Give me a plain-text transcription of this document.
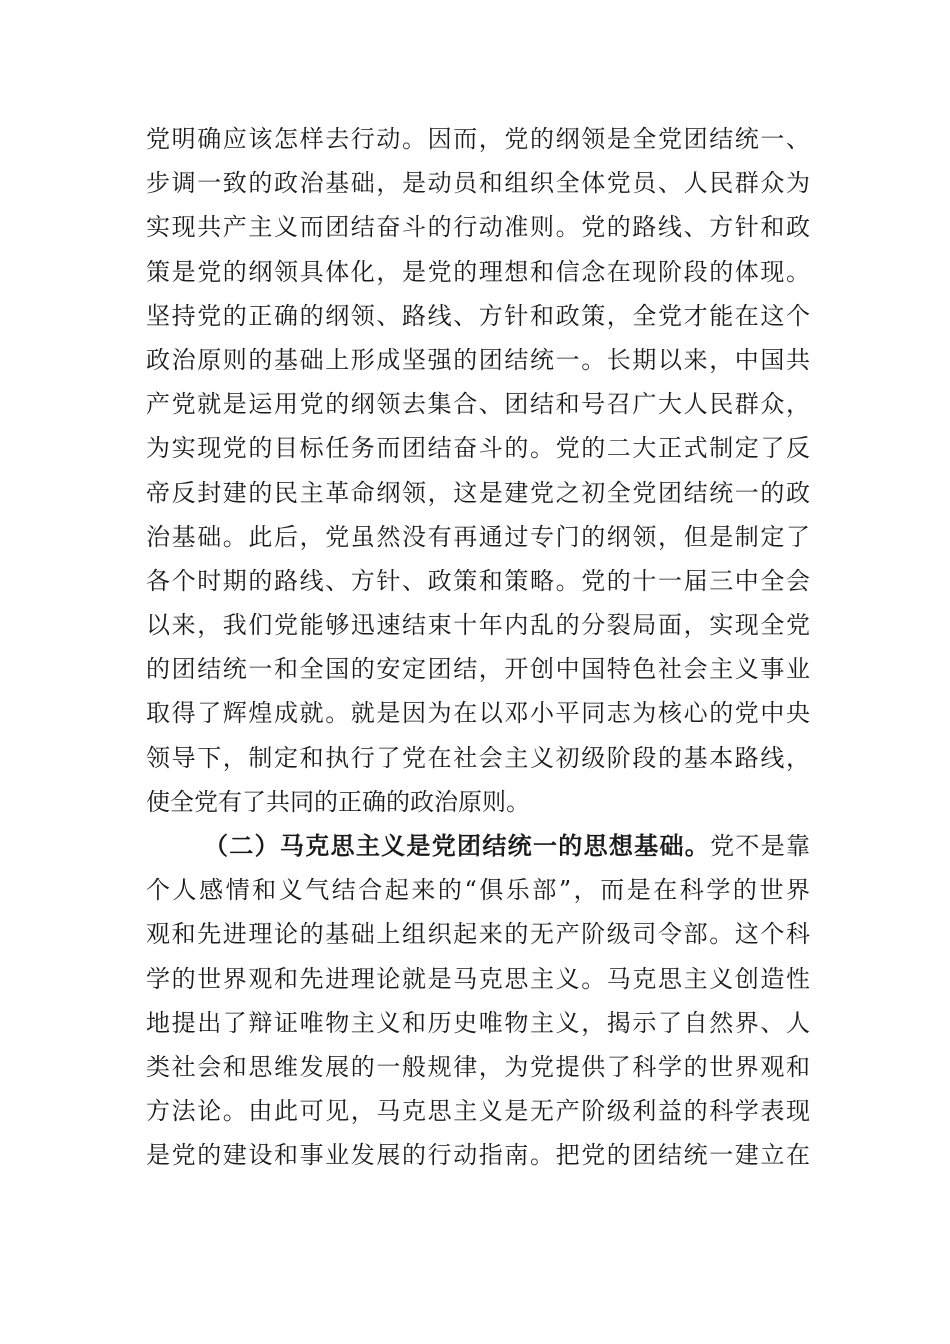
党明确应该怎样去行动。因而，党的纲领是全党团结统一、
步调一致的政治基础，是动员和组织全体党员、人民群众为
实现共产主义而团结奋斗的行动准则。党的路线、方针和政
策是党的纲领具体化，是党的理想和信念在现阶段的体现。
坚持党的正确的纲领、路线、方针和政策，全党才能在这个
政治原则的基础上形成坚强的团结统一。长期以来，中国共
产党就是运用党的纲领去集合、团结和号召广大人民群众，
为实现党的目标任务而团结奋斗的。党的二大正式制定了反
帝反封建的民主革命纲领，这是建党之初全党团结统一的政
治基础。此后，党虽然没有再通过专门的纲领，但是制定了
各个时期的路线、方针、政策和策略。党的十一届三中全会
以来，我们党能够迅速结束十年内乱的分裂局面，实现全党
的团结统一和全国的安定团结，开创中国特色社会主义事业
取得了辉煌成就。就是因为在以邓小平同志为核心的党中央
领导下，制定和执行了党在社会主义初级阶段的基本路线，
使全党有了共同的正确的政治原则。
（二）马克思主义是党团结统一的思想基础。党不是靠
个人感情和义气结合起来的“俱乐部”，而是在科学的世界
观和先进理论的基础上组织起来的无产阶级司令部。这个科
学的世界观和先进理论就是马克思主义。马克思主义创造性
地提出了辩证唯物主义和历史唯物主义，揭示了自然界、人
类社会和思维发展的一般规律，为党提供了科学的世界观和
方法论。由此可见，马克思主义是无产阶级利益的科学表现
是党的建设和事业发展的行动指南。把党的团结统一建立在
